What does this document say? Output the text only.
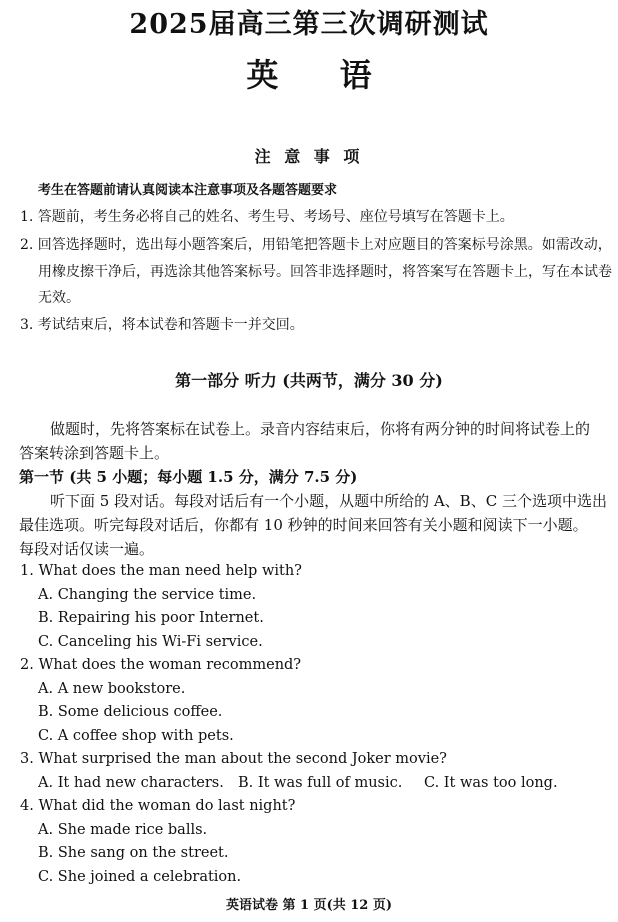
2025届高三第三次调研测试
英 语
注 意 事 项
考生在答题前请认真阅读本注意事项及各题答题要求
1. 答题前，考生务必将自己的姓名、考生号、考场号、座位号填写在答题卡上。
2. 回答选择题时，选出每小题答案后，用铅笔把答题卡上对应题目的答案标号涂黑。如需改动，
用橡皮擦干净后，再选涂其他答案标号。回答非选择题时，将答案写在答题卡上，写在本试卷
无效。
3. 考试结束后，将本试卷和答题卡一并交回。
第一部分 听力 (共两节，满分 30 分)
做题时，先将答案标在试卷上。录音内容结束后，你将有两分钟的时间将试卷上的
答案转涂到答题卡上。
第一节 (共 5 小题；每小题 1.5 分，满分 7.5 分)
听下面 5 段对话。每段对话后有一个小题，从题中所给的 A、B、C 三个选项中选出
最佳选项。听完每段对话后，你都有 10 秒钟的时间来回答有关小题和阅读下一小题。
每段对话仅读一遍。
1. What does the man need help with?
A. Changing the service time.
B. Repairing his poor Internet.
C. Canceling his Wi-Fi service.
2. What does the woman recommend?
A. A new bookstore.
B. Some delicious coffee.
C. A coffee shop with pets.
3. What surprised the man about the second Joker movie?
A. It had new characters. B. It was full of music. C. It was too long.
4. What did the woman do last night?
A. She made rice balls.
B. She sang on the street.
C. She joined a celebration.
英语试卷 第 1 页(共 12 页)
